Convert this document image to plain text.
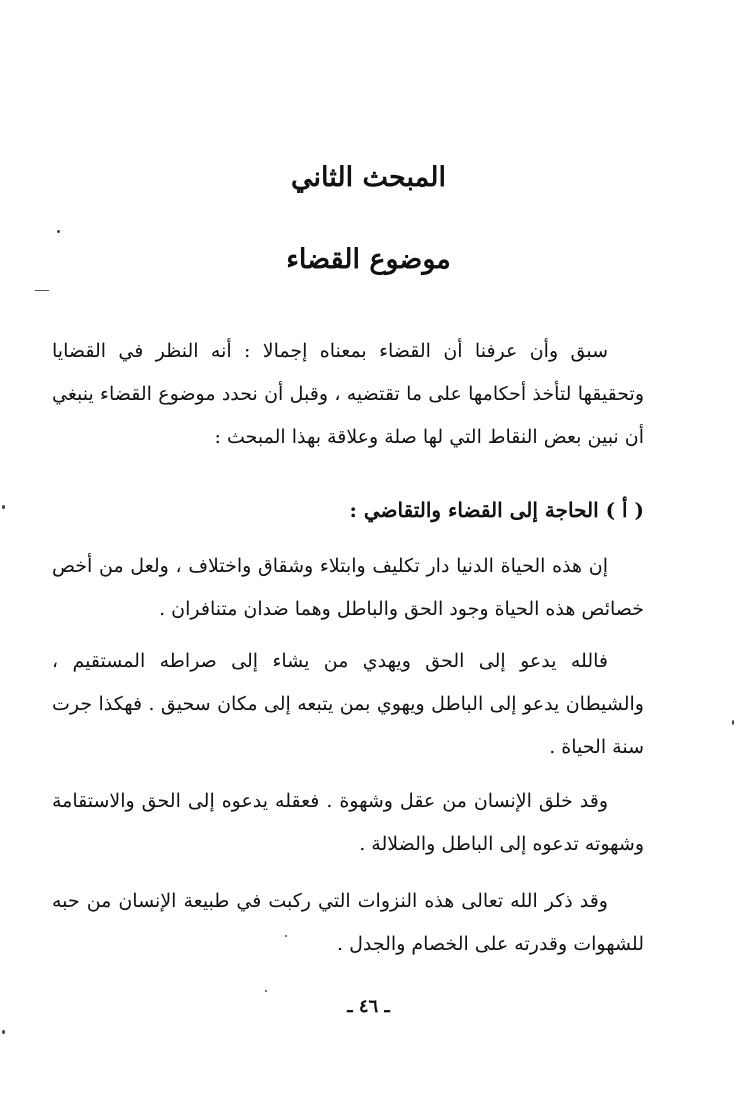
المبحث الثاني
موضوع القضاء

سبق وأن عرفنا أن القضاء بمعناه إجمالا : أنه النظر في القضايا وتحقيقها لتأخذ أحكامها على ما تقتضيه ، وقبل أن نحدد موضوع القضاء ينبغي أن نبين بعض النقاط التي لها صلة وعلاقة بهذا المبحث :

( أ ) الحاجة إلى القضاء والتقاضي :

إن هذه الحياة الدنيا دار تكليف وابتلاء وشقاق واختلاف ، ولعل من أخص خصائص هذه الحياة وجود الحق والباطل وهما ضدان متنافران .

فالله يدعو إلى الحق ويهدي من يشاء إلى صراطه المستقيم ، والشيطان يدعو إلى الباطل ويهوي بمن يتبعه إلى مكان سحيق . فهكذا جرت سنة الحياة .

وقد خلق الإنسان من عقل وشهوة . فعقله يدعوه إلى الحق والاستقامة وشهوته تدعوه إلى الباطل والضلالة .

وقد ذكر الله تعالى هذه النزوات التي ركبت في طبيعة الإنسان من حبه للشهوات وقدرته على الخصام والجدل .

ـ ٤٦ ـ
